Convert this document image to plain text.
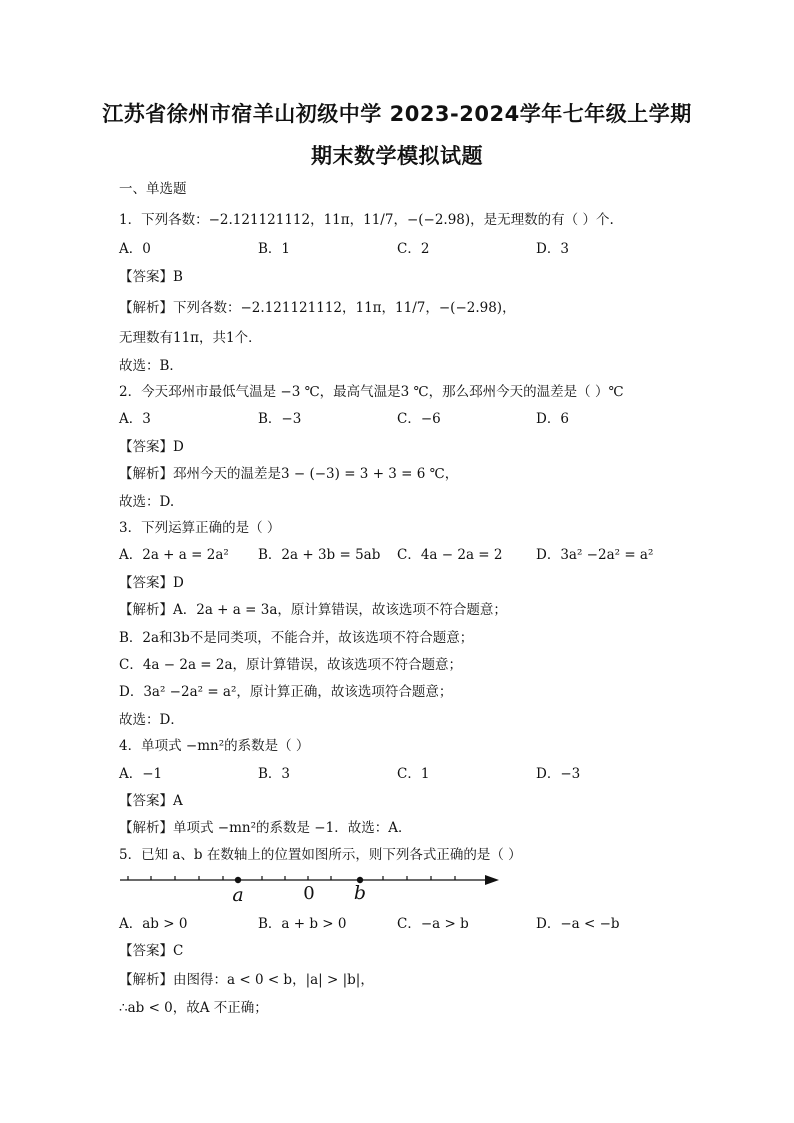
江苏省徐州市宿羊山初级中学 2023-2024学年七年级上学期
期末数学模拟试题
一、单选题
1．下列各数：−2.121121112，11π，11/7，−(−2.98)，是无理数的有（ ）个.
A．0	B．1	C．2	D．3
【答案】B
【解析】下列各数：−2.121121112，11π，11/7，−(−2.98)，
无理数有11π，共1个．
故选：B．
2．今天邳州市最低气温是 −3 ℃，最高气温是3 ℃，那么邳州今天的温差是（ ）℃
A．3	B．−3	C．−6	D．6
【答案】D
【解析】邳州今天的温差是3 − (−3) = 3 + 3 = 6 ℃，
故选：D.
3．下列运算正确的是（ ）
A．2a + a = 2a² B．2a + 3b = 5ab C．4a − 2a = 2 D．3a² −2a² = a²
【答案】D
【解析】A．2a + a = 3a，原计算错误，故该选项不符合题意；
B．2a和3b不是同类项，不能合并，故该选项不符合题意；
C．4a − 2a = 2a，原计算错误，故该选项不符合题意；
D．3a² −2a² = a²，原计算正确，故该选项符合题意；
故选：D．
4．单项式 −mn²的系数是（ ）
A．−1	B．3	C．1	D．−3
【答案】A
【解析】单项式 −mn²的系数是 −1．故选：A．
5．已知 a、b 在数轴上的位置如图所示，则下列各式正确的是（ ）
a	0 b
A．ab > 0	B．a + b > 0	C．−a > b	D．−a < −b
【答案】C
【解析】由图得：a < 0 < b，|a| > |b|，
∴ab < 0，故A 不正确；
